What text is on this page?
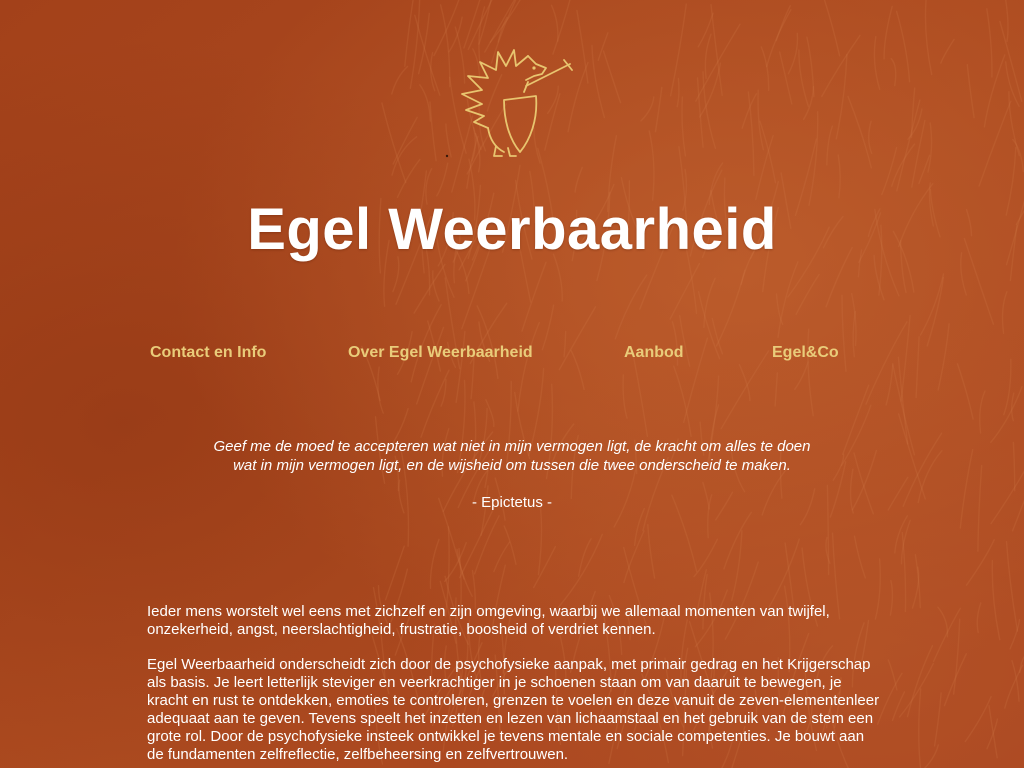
Egel Weerbaarheid
Contact en Info	Over Egel Weerbaarheid	Aanbod	Egel&Co

Geef me de moed te accepteren wat niet in mijn vermogen ligt, de kracht om alles te doen
wat in mijn vermogen ligt, en de wijsheid om tussen die twee onderscheid te maken.

- Epictetus -

Ieder mens worstelt wel eens met zichzelf en zijn omgeving, waarbij we allemaal momenten van twijfel, onzekerheid, angst, neerslachtigheid, frustratie, boosheid of verdriet kennen.

Egel Weerbaarheid onderscheidt zich door de psychofysieke aanpak, met primair gedrag en het Krijgerschap als basis. Je leert letterlijk steviger en veerkrachtiger in je schoenen staan om van daaruit te bewegen, je kracht en rust te ontdekken, emoties te controleren, grenzen te voelen en deze vanuit de zeven-elementenleer adequaat aan te geven. Tevens speelt het inzetten en lezen van lichaamstaal en het gebruik van de stem een grote rol. Door de psychofysieke insteek ontwikkel je tevens mentale en sociale competenties. Je bouwt aan de fundamenten zelfreflectie, zelfbeheersing en zelfvertrouwen.
